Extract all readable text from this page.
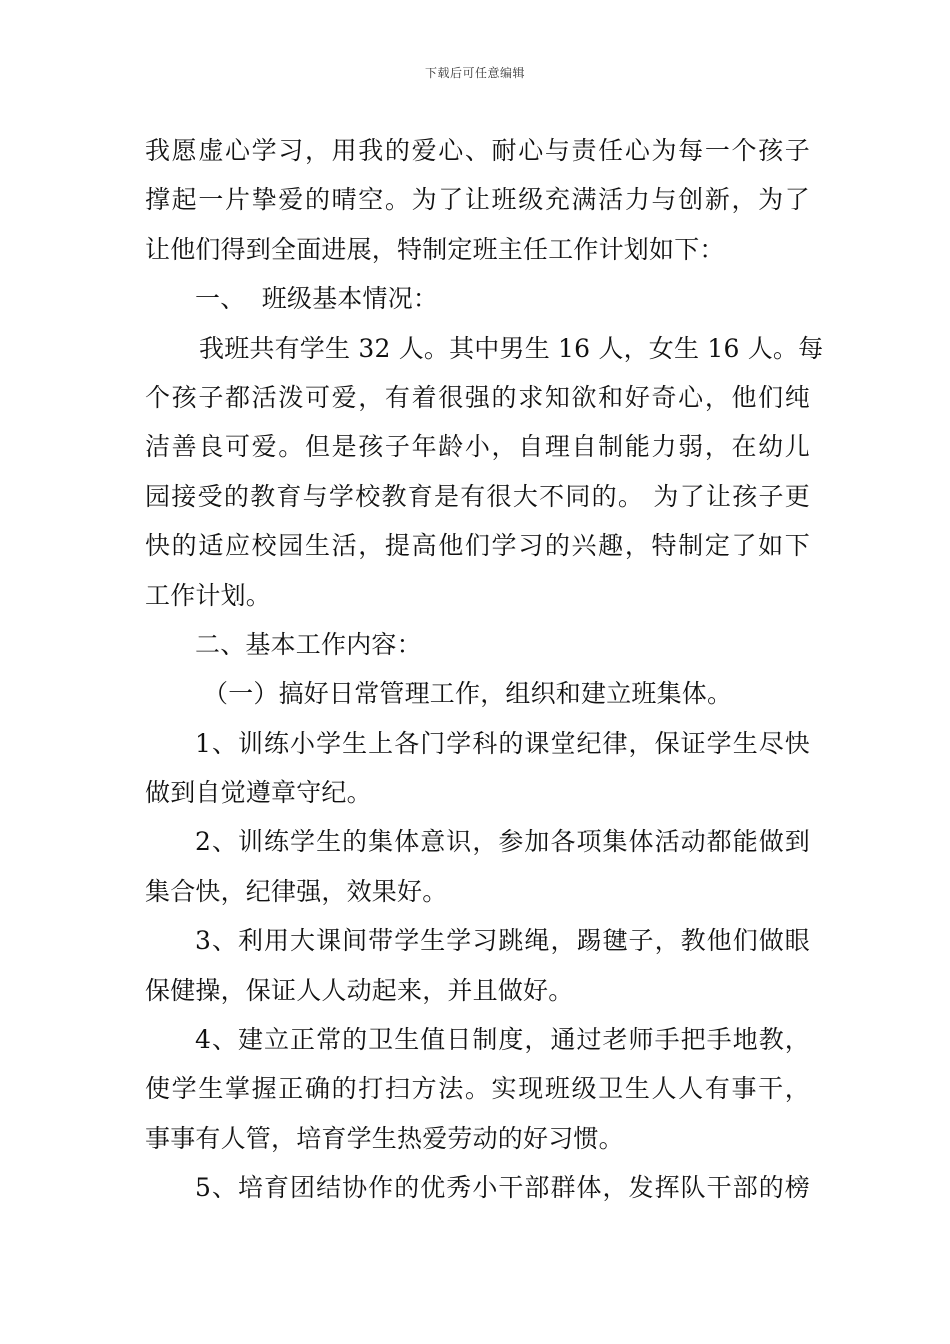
下载后可任意编辑
我愿虚心学习，用我的爱心、耐心与责任心为每一个孩子
撑起一片挚爱的晴空。为了让班级充满活力与创新，为了
让他们得到全面进展，特制定班主任工作计划如下：
一、  班级基本情况：
我班共有学生 32 人。其中男生 16 人，女生 16 人。每
个孩子都活泼可爱，有着很强的求知欲和好奇心，他们纯
洁善良可爱。但是孩子年龄小，自理自制能力弱，在幼儿
园接受的教育与学校教育是有很大不同的。 为了让孩子更
快的适应校园生活，提高他们学习的兴趣，特制定了如下
工作计划。
二、基本工作内容：
（一）搞好日常管理工作，组织和建立班集体。
1、训练小学生上各门学科的课堂纪律，保证学生尽快
做到自觉遵章守纪。
2、训练学生的集体意识，参加各项集体活动都能做到
集合快，纪律强，效果好。
3、利用大课间带学生学习跳绳，踢毽子，教他们做眼
保健操，保证人人动起来，并且做好。
4、建立正常的卫生值日制度，通过老师手把手地教，
使学生掌握正确的打扫方法。实现班级卫生人人有事干，
事事有人管，培育学生热爱劳动的好习惯。
5、培育团结协作的优秀小干部群体，发挥队干部的榜
